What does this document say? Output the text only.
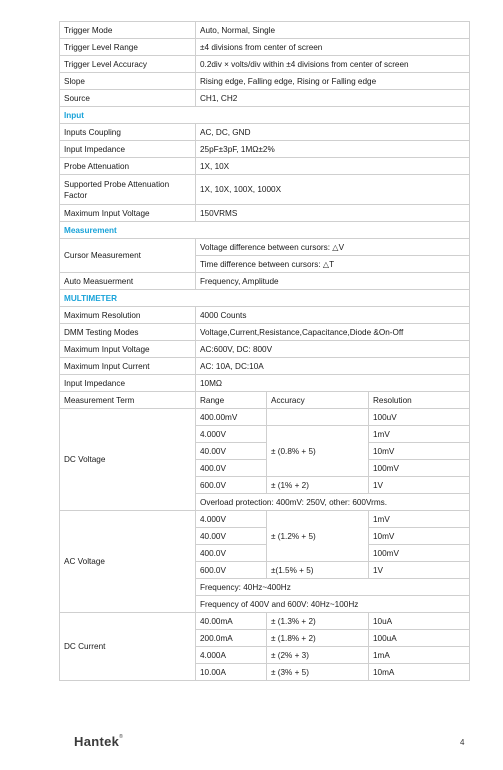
Trigger Mode	Auto, Normal, Single		
Trigger Level Range	±4 divisions from center of screen		
Trigger Level Accuracy	0.2div × volts/div within ±4 divisions from center of screen		
Slope	Rising edge, Falling edge, Rising or Falling edge		
Source	CH1, CH2		
Input			
Inputs Coupling	AC, DC, GND		
Input Impedance	25pF±3pF, 1MΩ±2%		
Probe Attenuation	1X, 10X		
Supported Probe Attenuation Factor	1X, 10X, 100X, 1000X		
Maximum Input Voltage	150VRMS		
Measurement			
Cursor Measurement	Voltage difference between cursors: △V		
	Time difference between cursors: △T		
Auto Measuerment	Frequency, Amplitude		
MULTIMETER			
Maximum Resolution	4000 Counts		
DMM Testing Modes	Voltage,Current,Resistance,Capacitance,Diode &On-Off		
Maximum Input Voltage	AC:600V, DC: 800V		
Maximum Input Current	AC: 10A, DC:10A		
Input Impedance	10MΩ		
Measurement Term	Range	Accuracy	Resolution
DC Voltage	400.00mV		100uV
	4.000V	± (0.8% + 5)	1mV
	40.00V		10mV
	400.0V		100mV
	600.0V	± (1% + 2)	1V
	Overload protection: 400mV: 250V, other: 600Vrms.		
AC Voltage	4.000V	± (1.2% + 5)	1mV
	40.00V		10mV
	400.0V		100mV
	600.0V	±(1.5% + 5)	1V
	Frequency: 40Hz~400Hz		
	Frequency of 400V and 600V: 40Hz~100Hz		
DC Current	40.00mA	± (1.3% + 2)	10uA
	200.0mA	± (1.8% + 2)	100uA
	4.000A	± (2% + 3)	1mA
	10.00A	± (3% + 5)	10mA
Hantek®
4
